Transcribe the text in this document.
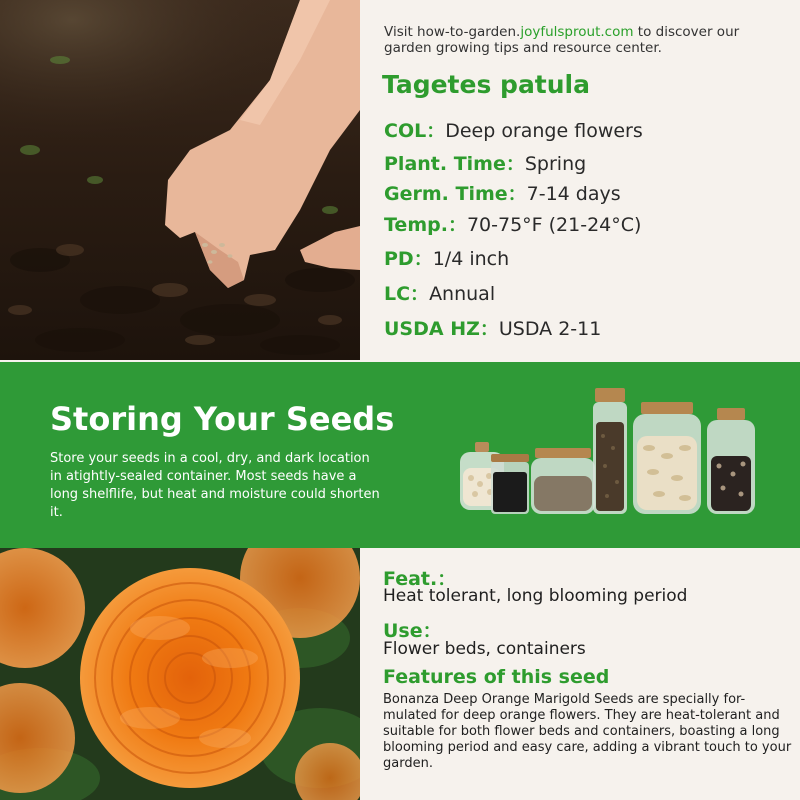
Visit how-to-garden.joyfulsprout.com to discover our garden growing tips and resource center.
Tagetes patula
COL：Deep orange flowers
Plant. Time：Spring
Germ. Time：7-14 days
Temp.：70-75°F (21-24°C)
PD：1/4 inch
LC：Annual
USDA HZ：USDA 2-11
Storing Your Seeds
Store your seeds in a cool, dry, and dark location in atightly-sealed container. Most seeds have a long shelflife, but heat and moisture could shorten it.
Feat.：
Heat tolerant, long blooming period
Use：
Flower beds, containers
Features of this seed
Bonanza Deep Orange Marigold Seeds are specially for-mulated for deep orange flowers. They are heat-tolerant and suitable for both flower beds and containers, boasting a long blooming period and easy care, adding a vibrant touch to your garden.
